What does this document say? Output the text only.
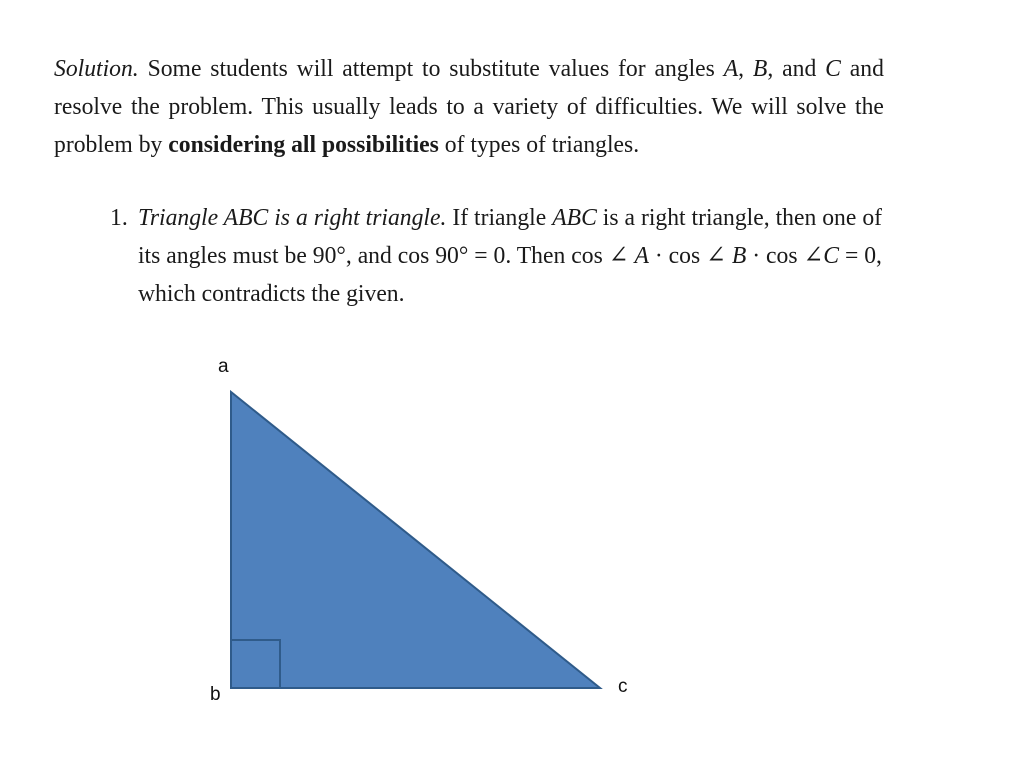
Solution. Some students will attempt to substitute values for angles A, B, and C and resolve the problem. This usually leads to a variety of difficulties. We will solve the problem by considering all possibilities of types of triangles.
1. Triangle ABC is a right triangle. If triangle ABC is a right triangle, then one of its angles must be 90°, and cos 90° = 0. Then cos ∠ A · cos ∠ B · cos ∠C = 0, which contradicts the given.
a
b	c
